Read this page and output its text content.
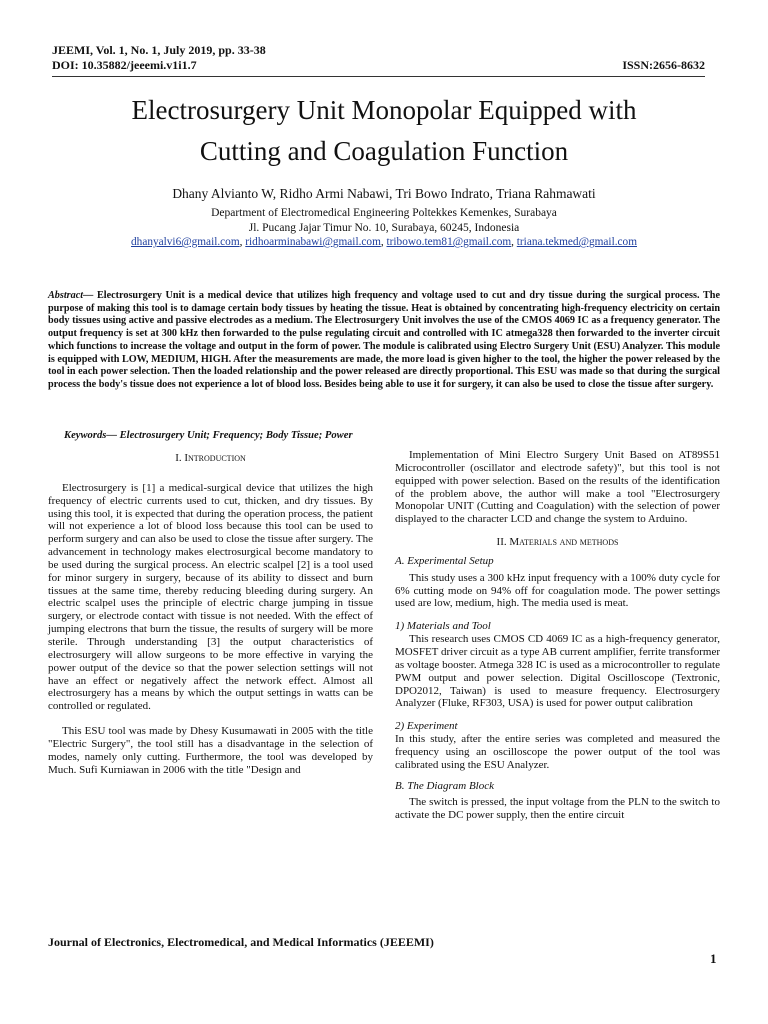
JEEMI, Vol. 1, No. 1, July 2019, pp. 33-38
DOI: 10.35882/jeeemi.v1i1.7	ISSN:2656-8632
Electrosurgery Unit Monopolar Equipped with
Cutting and Coagulation Function
Dhany Alvianto W, Ridho Armi Nabawi, Tri Bowo Indrato, Triana Rahmawati
Department of Electromedical Engineering Poltekkes Kemenkes, Surabaya
Jl. Pucang Jajar Timur No. 10, Surabaya, 60245, Indonesia
dhanyalvi6@gmail.com, ridhoarminabawi@gmail.com, tribowo.tem81@gmail.com, triana.tekmed@gmail.com
Abstract— Electrosurgery Unit is a medical device that utilizes high frequency and voltage used to cut and dry tissue during the surgical process. The purpose of making this tool is to damage certain body tissues by heating the tissue. Heat is obtained by concentrating high-frequency electricity on certain body tissues using active and passive electrodes as a medium. The Electrosurgery Unit involves the use of the CMOS 4069 IC as a frequency generator. The output frequency is set at 300 kHz then forwarded to the pulse regulating circuit and controlled with IC atmega328 then forwarded to the inverter circuit which functions to increase the voltage and output in the form of power. The module is calibrated using Electro Surgery Unit (ESU) Analyzer. This module is equipped with LOW, MEDIUM, HIGH. After the measurements are made, the more load is given higher to the tool, the higher the power released by the tool in each power selection. Then the loaded relationship and the power released are directly proportional. This ESU was made so that during the surgical process the body's tissue does not experience a lot of blood loss. Besides being able to use it for surgery, it can also be used to close the tissue after surgery.
Keywords— Electrosurgery Unit; Frequency; Body Tissue; Power
I. Introduction

Electrosurgery is [1] a medical-surgical device that utilizes the high frequency of electric currents used to cut, thicken, and dry tissues. By using this tool, it is expected that during the operation process, the patient will not experience a lot of blood loss because this tool can be used to perform surgery and can also be used to close the tissue after surgery. The advancement in technology makes electrosurgical become mandatory to be used during the surgical process. An electric scalpel [2] is a tool used for minor surgery in surgery, because of its ability to dissect and burn tissues at the same time, thereby reducing bleeding during surgery. An electric scalpel uses the principle of electric charge jumping in tissue surgery, or electrode contact with tissue is not needed. With the effect of jumping electrons that burn the tissue, the results of surgery will be more sterile. Through understanding [3] the output characteristics of electrosurgery will allow surgeons to be more effective in varying the power output of the device so that the power selection settings will not have an effect or negatively affect the network effect. Almost all electrosurgery has a means by which the output settings in watts can be controlled or regulated.

This ESU tool was made by Dhesy Kusumawati in 2005 with the title "Electric Surgery", the tool still has a disadvantage in the selection of modes, namely only cutting. Furthermore, the tool was developed by Much. Sufi Kurniawan in 2006 with the title "Design and

Implementation of Mini Electro Surgery Unit Based on AT89S51 Microcontroller (oscillator and electrode safety)", but this tool is not equipped with power selection. Based on the results of the identification of the problem above, the author will make a tool "Electrosurgery Monopolar UNIT (Cutting and Coagulation) with the selection of power displayed to the character LCD and change the system to Arduino.

II. Materials and methods
A. Experimental Setup

This study uses a 300 kHz input frequency with a 100% duty cycle for 6% cutting mode on 94% off for coagulation mode. The power settings used are low, medium, high. The media used is meat.

1) Materials and Tool

This research uses CMOS CD 4069 IC as a high-frequency generator, MOSFET driver circuit as a type AB current amplifier, ferrite transformer as voltage booster. Atmega 328 IC is used as a microcontroller to regulate PWM output and power selection. Digital Oscilloscope (Textronic, DPO2012, Taiwan) is used to measure frequency. Electrosurgery Analyzer (Fluke, RF303, USA) is used for power output calibration

2) Experiment

In this study, after the entire series was completed and measured the frequency using an oscilloscope the power output of the tool was calibrated using the ESU Analyzer.

B. The Diagram Block

The switch is pressed, the input voltage from the PLN to the switch to activate the DC power supply, then the entire circuit

Journal of Electronics, Electromedical, and Medical Informatics (JEEEMI)
1
